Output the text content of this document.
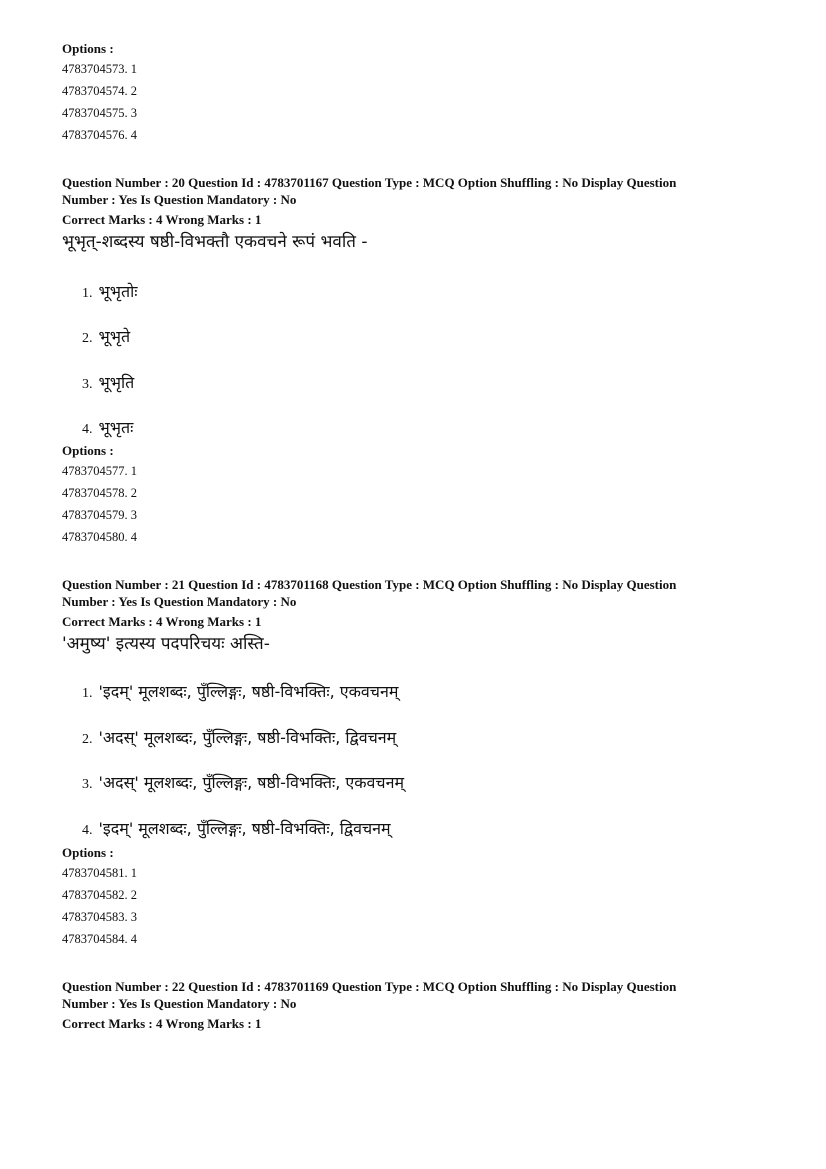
Options :

4783704573. 1

4783704574. 2

4783704575. 3

4783704576. 4

Question Number : 20 Question Id : 4783701167 Question Type : MCQ Option Shuffling : No Display Question
Number : Yes Is Question Mandatory : No
Correct Marks : 4 Wrong Marks : 1
भूभृत्-शब्दस्य षष्ठी-विभक्तौ एकवचने रूपं भवति -
1. भूभृतोः
2. भूभृते
3. भूभृति
4. भूभृतः
Options :

4783704577. 1

4783704578. 2

4783704579. 3

4783704580. 4

Question Number : 21 Question Id : 4783701168 Question Type : MCQ Option Shuffling : No Display Question
Number : Yes Is Question Mandatory : No
Correct Marks : 4 Wrong Marks : 1
'अमुष्य' इत्यस्य पदपरिचयः अस्ति-
1. 'इदम्' मूलशब्दः, पुँल्लिङ्गः, षष्ठी-विभक्तिः, एकवचनम्
2. 'अदस्' मूलशब्दः, पुँल्लिङ्गः, षष्ठी-विभक्तिः, द्विवचनम्
3. 'अदस्' मूलशब्दः, पुँल्लिङ्गः, षष्ठी-विभक्तिः, एकवचनम्
4. 'इदम्' मूलशब्दः, पुँल्लिङ्गः, षष्ठी-विभक्तिः, द्विवचनम्
Options :

4783704581. 1

4783704582. 2

4783704583. 3

4783704584. 4

Question Number : 22 Question Id : 4783701169 Question Type : MCQ Option Shuffling : No Display Question
Number : Yes Is Question Mandatory : No
Correct Marks : 4 Wrong Marks : 1
